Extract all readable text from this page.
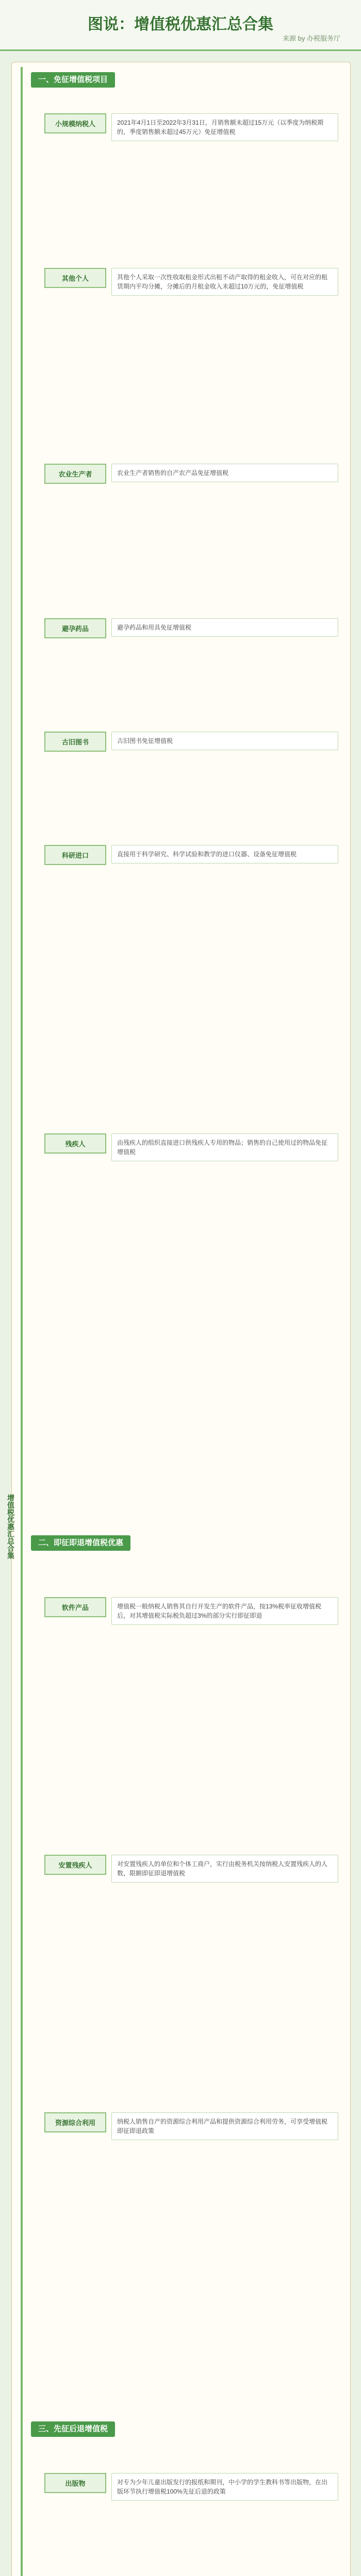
图说：增值税优惠汇总合集
来源 by 办税服务厅
增值税优惠汇总合集
一、免征增值税项目
二、即征即退增值税优惠
三、先征后退增值税
小规模纳税人	2021年4月1日至2022年3月31日，月销售额未超过15万元（以季度为纳税期的，季度销售额未超过45万元）免征增值税
其他个人	其他个人采取一次性收取租金形式出租不动产取得的租金收入，可在对应的租赁期内平均分摊，分摊后的月租金收入未超过10万元的，免征增值税
农业生产者	农业生产者销售的自产农产品免征增值税
避孕药品	避孕药品和用具免征增值税
古旧图书	古旧图书免征增值税
科研进口	直接用于科学研究、科学试验和教学的进口仪器、设备免征增值税
残疾人	由残疾人的组织直接进口供残疾人专用的物品；销售的自己使用过的物品免征增值税
软件产品	增值税一般纳税人销售其自行开发生产的软件产品，按13%税率征收增值税后，对其增值税实际税负超过3%的部分实行即征即退
安置残疾人	对安置残疾人的单位和个体工商户，实行由税务机关按纳税人安置残疾人的人数，限额即征即退增值税
资源综合利用	纳税人销售自产的资源综合利用产品和提供资源综合利用劳务，可享受增值税即征即退政策
出版物	对专为少年儿童出版发行的报纸和期刊，中小学的学生教科书等出版物，在出版环节执行增值税100%先征后退的政策
